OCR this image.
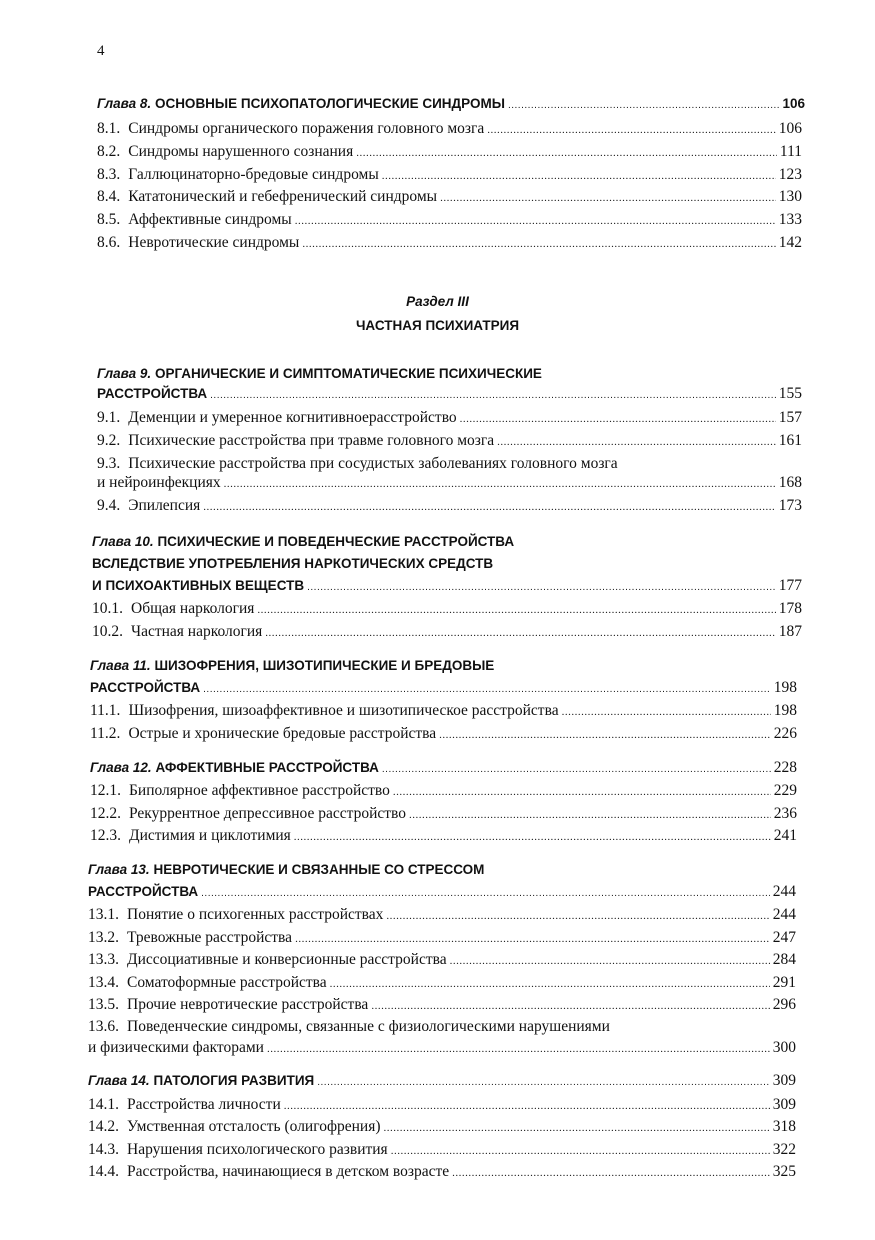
4
Глава 8.
ОСНОВНЫЕ ПСИХОПАТОЛОГИЧЕСКИЕ СИНДРОМЫ .....	106
8.1. Синдромы органического поражения головного мозга .....	106
8.2. Синдромы нарушенного сознания .....	111
8.3. Галлюцинаторно-бредовые синдромы .....	123
8.4. Кататонический и гебефренический синдромы .....	130
8.5. Аффективные синдромы .....	133
8.6. Невротические синдромы .....	142
Раздел III
ЧАСТНАЯ ПСИХИАТРИЯ
Глава 9. ОРГАНИЧЕСКИЕ И СИМПТОМАТИЧЕСКИЕ ПСИХИЧЕСКИЕ
РАССТРОЙСТВА .....	155
9.1. Деменции и умеренное когнитивноерасстройство .....	157
9.2. Психические расстройства при травме головного мозга .....	161
9.3. Психические расстройства при сосудистых заболеваниях головного мозга
и нейроинфекциях .....	168
9.4. Эпилепсия .....	173
Глава 10. ПСИХИЧЕСКИЕ И ПОВЕДЕНЧЕСКИЕ РАССТРОЙСТВА
ВСЛЕДСТВИЕ УПОТРЕБЛЕНИЯ НАРКОТИЧЕСКИХ СРЕДСТВ
И ПСИХОАКТИВНЫХ ВЕЩЕСТВ .....	177
10.1. Общая наркология .....	178
10.2. Частная наркология .....	187
Глава 11. ШИЗОФРЕНИЯ, ШИЗОТИПИЧЕСКИЕ И БРЕДОВЫЕ
РАССТРОЙСТВА .....	198
11.1. Шизофрения, шизоаффективное и шизотипическое расстройства .....	198
11.2. Острые и хронические бредовые расстройства .....	226
Глава 12.
АФФЕКТИВНЫЕ РАССТРОЙСТВА .....	228
12.1. Биполярное аффективное расстройство .....	229
12.2. Рекуррентное депрессивное расстройство .....	236
12.3. Дистимия и циклотимия .....	241
Глава 13. НЕВРОТИЧЕСКИЕ И СВЯЗАННЫЕ СО СТРЕССОМ
РАССТРОЙСТВА .....	244
13.1. Понятие о психогенных расстройствах .....	244
13.2. Тревожные расстройства .....	247
13.3. Диссоциативные и конверсионные расстройства .....	284
13.4. Соматоформные расстройства .....	291
13.5. Прочие невротические расстройства .....	296
13.6. Поведенческие синдромы, связанные с физиологическими нарушениями
и физическими факторами .....	300
Глава 14.
ПАТОЛОГИЯ РАЗВИТИЯ .....	309
14.1. Расстройства личности .....	309
14.2. Умственная отсталость (олигофрения) .....	318
14.3. Нарушения психологического развития .....	322
14.4. Расстройства, начинающиеся в детском возрасте .....	325
